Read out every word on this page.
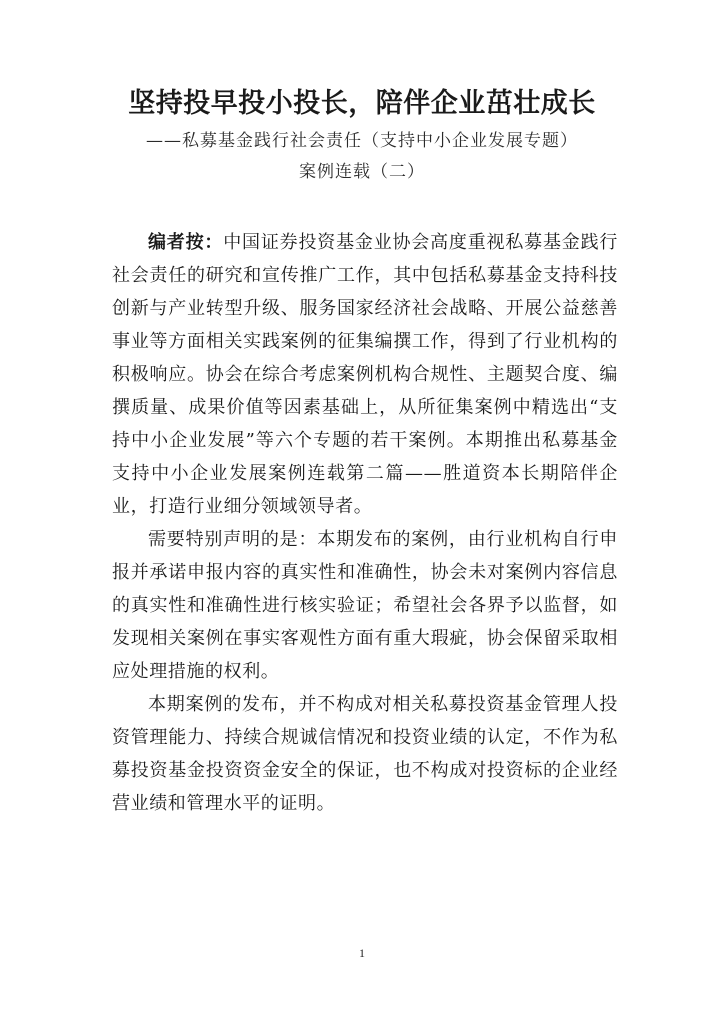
坚持投早投小投长，陪伴企业茁壮成长
——私募基金践行社会责任（支持中小企业发展专题）
案例连载（二）

编者按：中国证券投资基金业协会高度重视私募基金践行社会责任的研究和宣传推广工作，其中包括私募基金支持科技创新与产业转型升级、服务国家经济社会战略、开展公益慈善事业等方面相关实践案例的征集编撰工作，得到了行业机构的积极响应。协会在综合考虑案例机构合规性、主题契合度、编撰质量、成果价值等因素基础上，从所征集案例中精选出“支持中小企业发展”等六个专题的若干案例。本期推出私募基金支持中小企业发展案例连载第二篇——胜道资本长期陪伴企业，打造行业细分领域领导者。

需要特别声明的是：本期发布的案例，由行业机构自行申报并承诺申报内容的真实性和准确性，协会未对案例内容信息的真实性和准确性进行核实验证；希望社会各界予以监督，如发现相关案例在事实客观性方面有重大瑕疵，协会保留采取相应处理措施的权利。

本期案例的发布，并不构成对相关私募投资基金管理人投资管理能力、持续合规诚信情况和投资业绩的认定，不作为私募投资基金投资资金安全的保证，也不构成对投资标的企业经营业绩和管理水平的证明。

1
